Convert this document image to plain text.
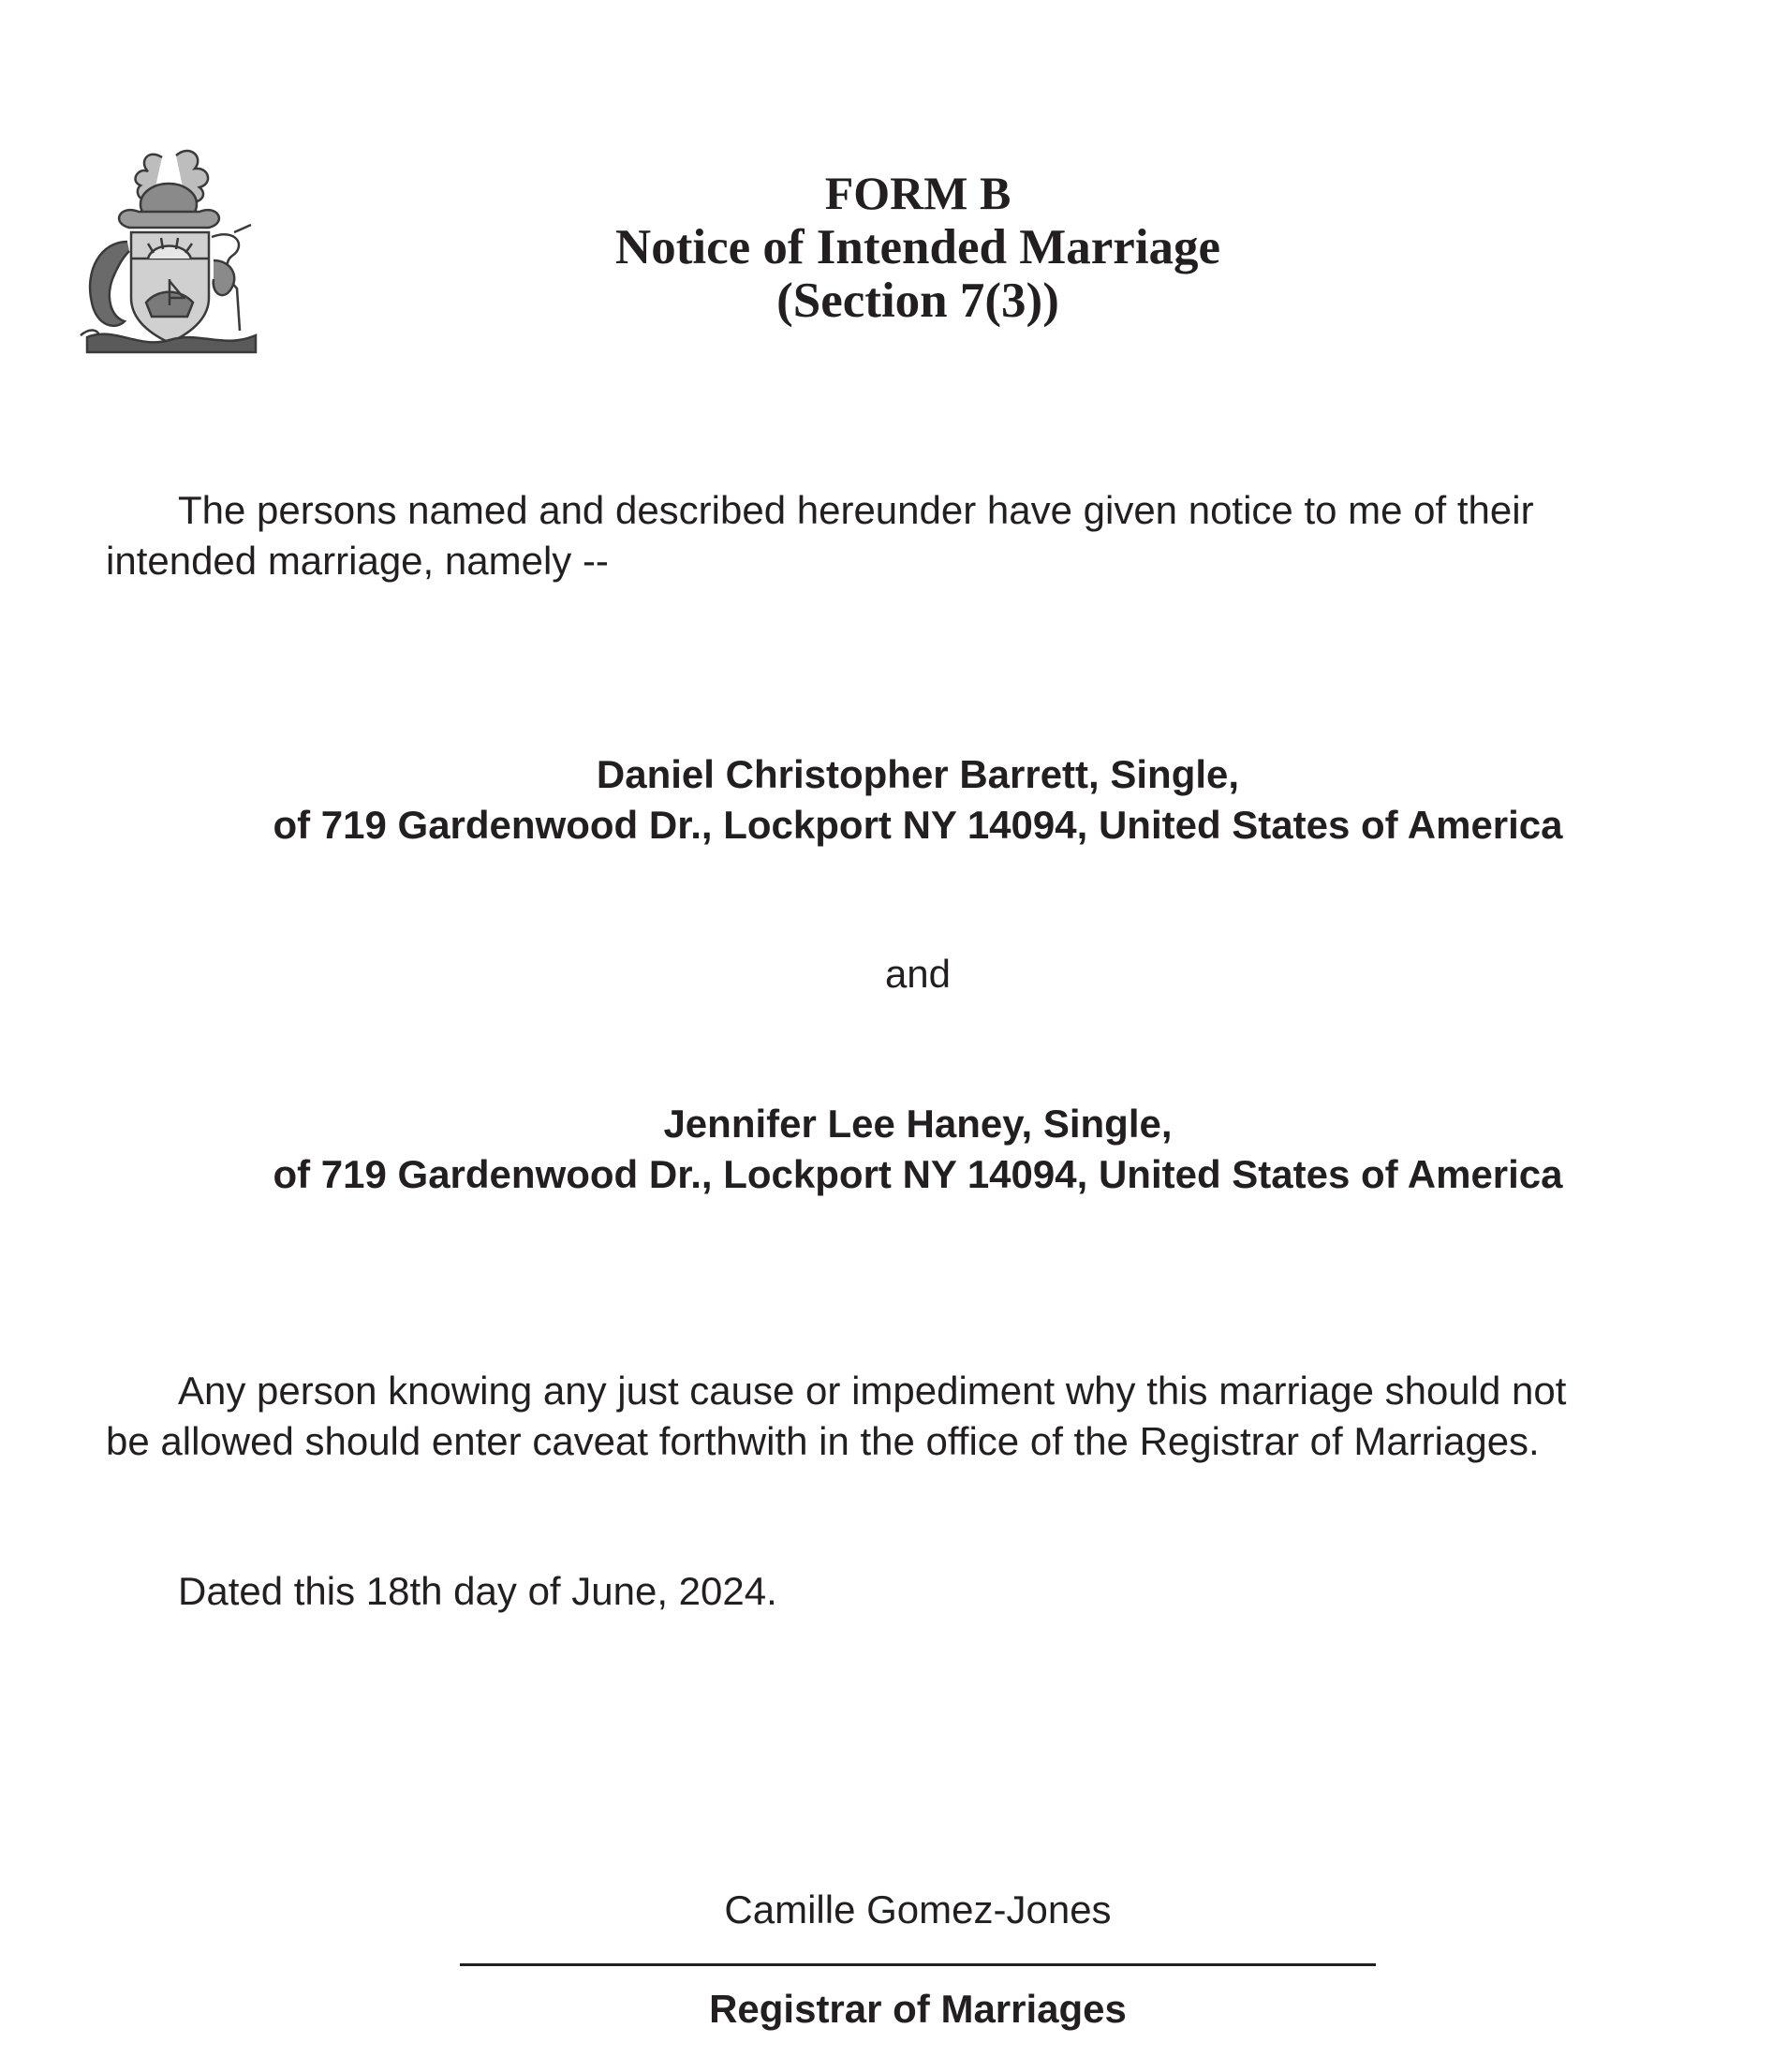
FORM B
Notice of Intended Marriage
(Section 7(3))
The persons named and described hereunder have given notice to me of their
intended marriage, namely --
Daniel Christopher Barrett, Single,
of 719 Gardenwood Dr., Lockport NY 14094, United States of America
and
Jennifer Lee Haney, Single,
of 719 Gardenwood Dr., Lockport NY 14094, United States of America
Any person knowing any just cause or impediment why this marriage should not
be allowed should enter caveat forthwith in the office of the Registrar of Marriages.
Dated this 18th day of June, 2024.
Camille Gomez-Jones
Registrar of Marriages
